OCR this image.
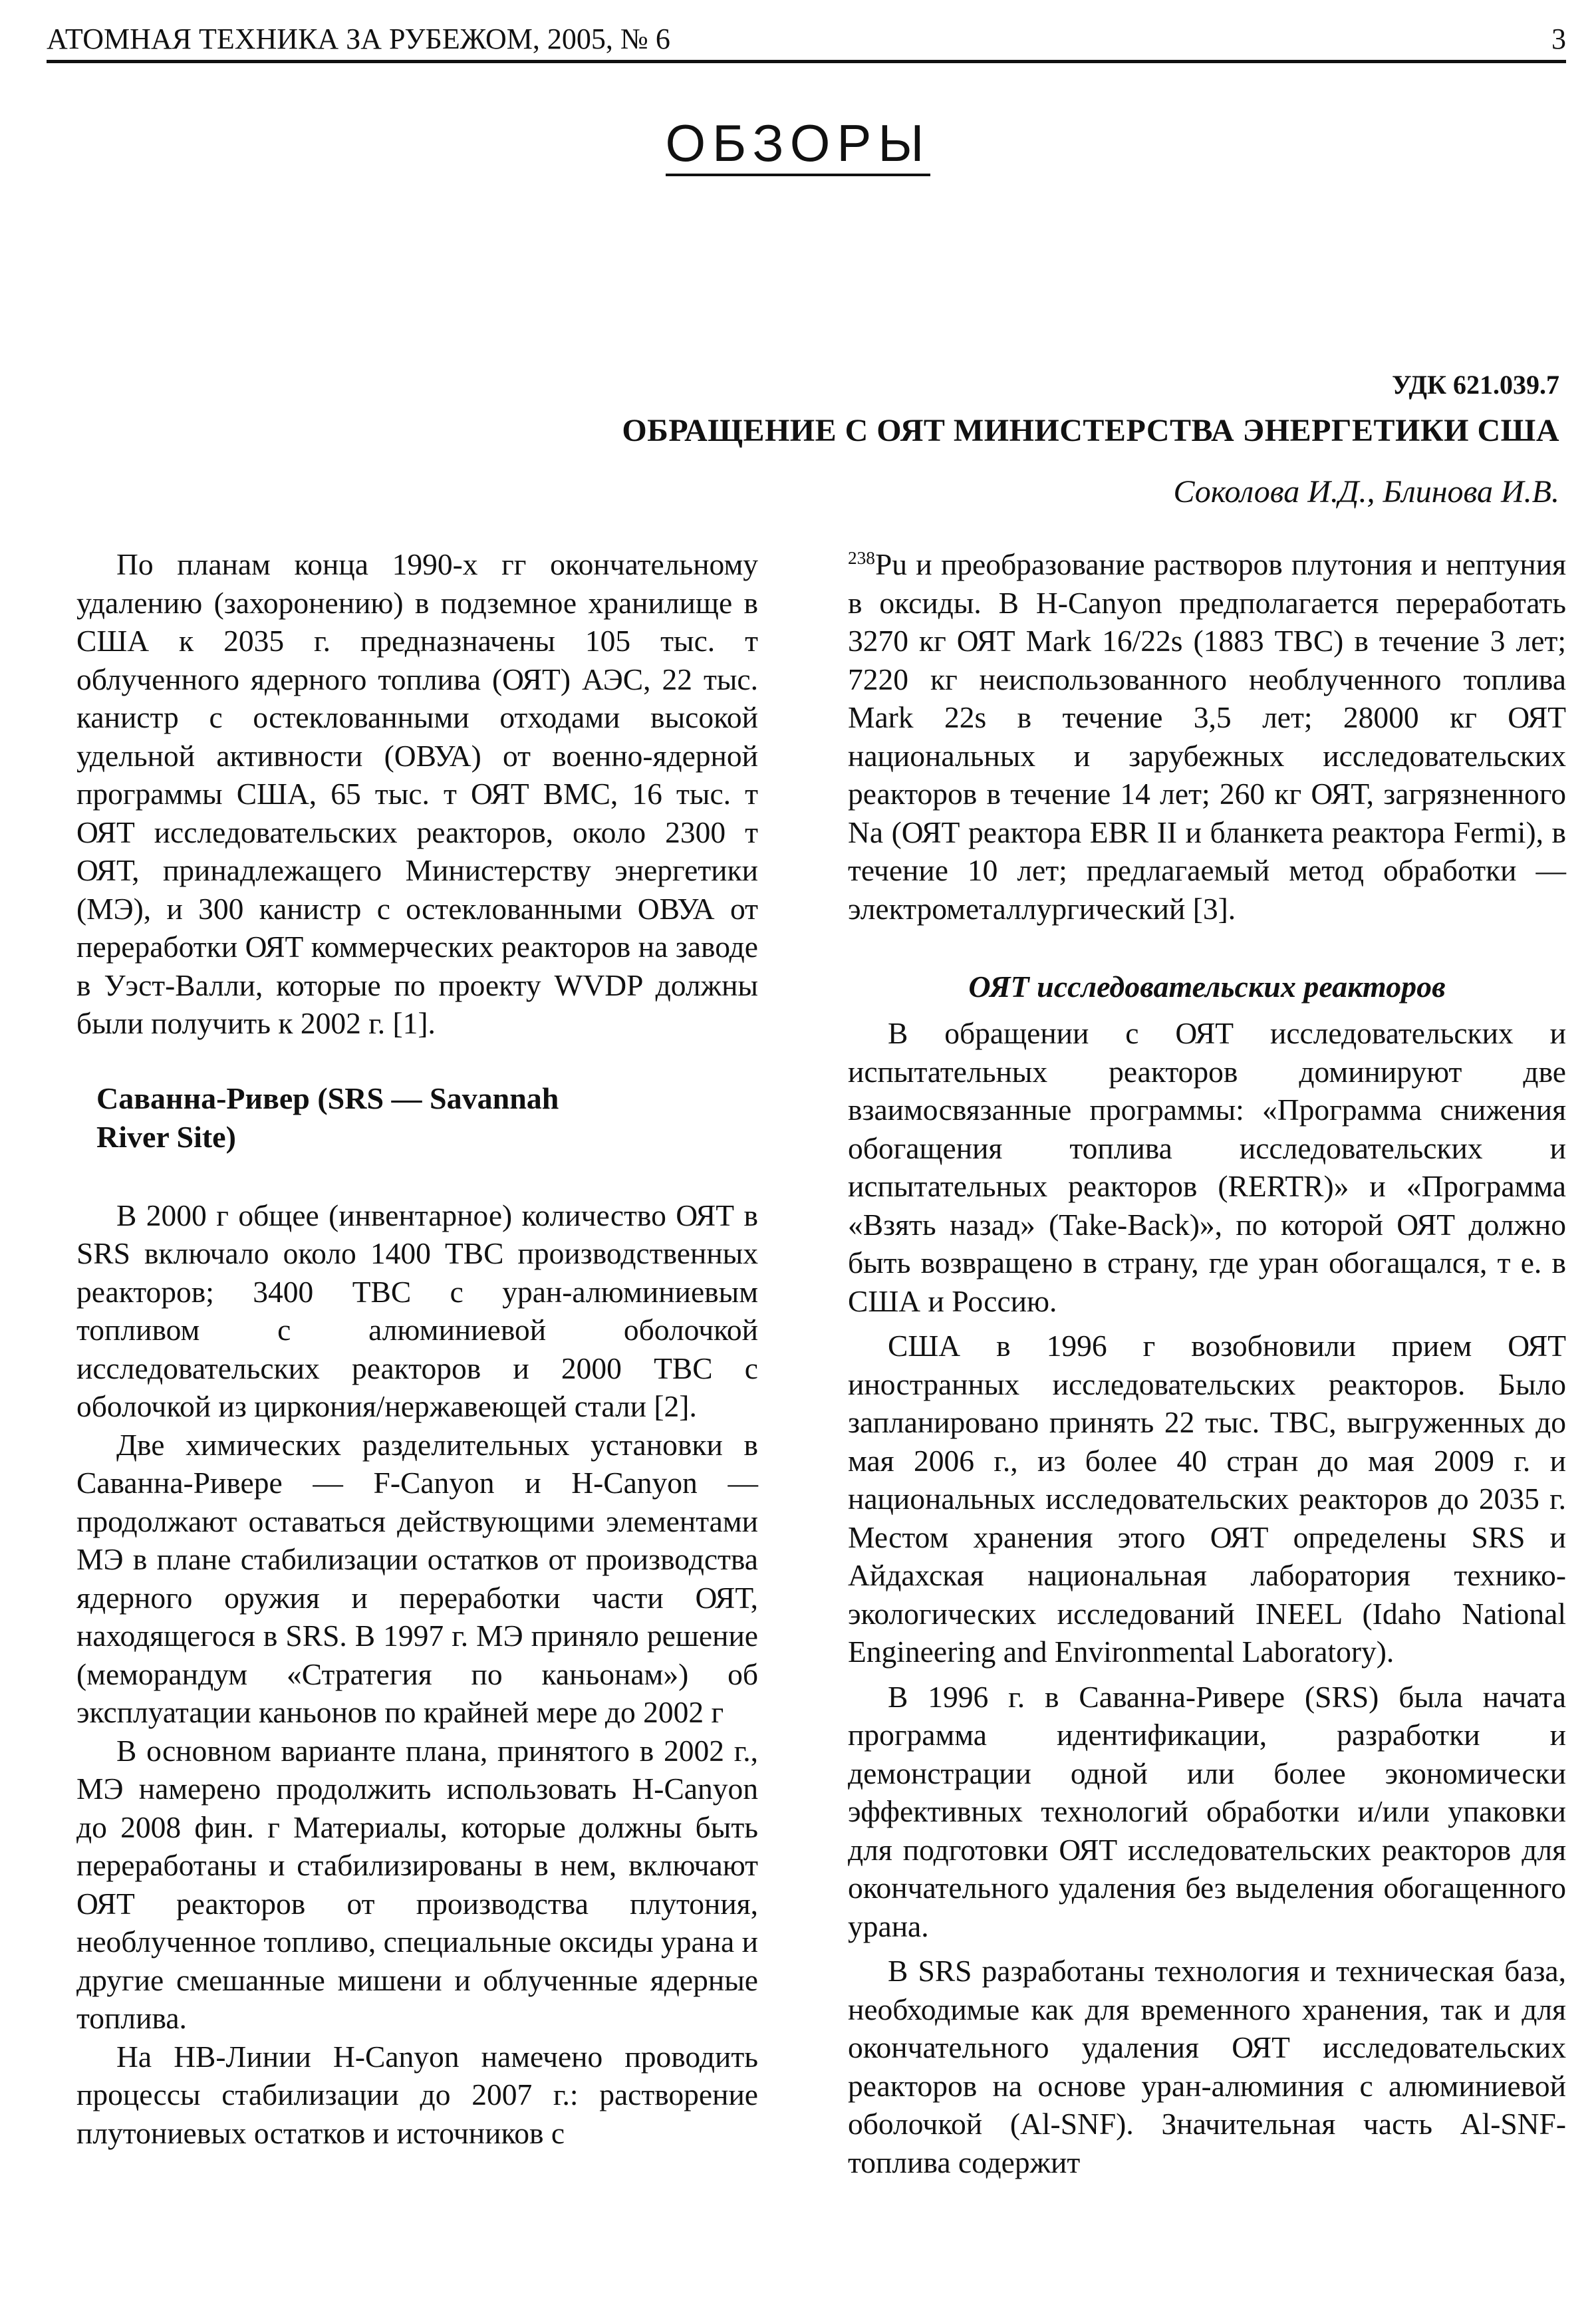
АТОМНАЯ ТЕХНИКА ЗА РУБЕЖОМ, 2005, № 6	3
ОБЗОРЫ
УДК 621.039.7
ОБРАЩЕНИЕ С ОЯТ МИНИСТЕРСТВА ЭНЕРГЕТИКИ США
Соколова И.Д., Блинова И.В.

По планам конца 1990-х гг окончательному удалению (захоронению) в подземное хранилище в США к 2035 г. предназначены 105 тыс. т облученного ядерного топлива (ОЯТ) АЭС, 22 тыс. канистр с остеклованными отходами высокой удельной активности (ОВУА) от военно-ядерной программы США, 65 тыс. т ОЯТ ВМС, 16 тыс. т ОЯТ исследовательских реакторов, около 2300 т ОЯТ, принадлежащего Министерству энергетики (МЭ), и 300 канистр с остеклованными ОВУА от переработки ОЯТ коммерческих реакторов на заводе в Уэст-Валли, которые по проекту WVDP должны были получить к 2002 г. [1].

Саванна-Ривер (SRS — Savannah River Site)

В 2000 г общее (инвентарное) количество ОЯТ в SRS включало около 1400 ТВС производственных реакторов; 3400 ТВС с уран-алюминиевым топливом с алюминиевой оболочкой исследовательских реакторов и 2000 ТВС с оболочкой из циркония/нержавеющей стали [2].

Две химических разделительных установки в Саванна-Ривере — F-Canyon и H-Canyon — продолжают оставаться действующими элементами МЭ в плане стабилизации остатков от производства ядерного оружия и переработки части ОЯТ, находящегося в SRS. В 1997 г. МЭ приняло решение (меморандум «Стратегия по каньонам») об эксплуатации каньонов по крайней мере до 2002 г

В основном варианте плана, принятого в 2002 г., МЭ намерено продолжить использовать H-Canyon до 2008 фин. г Материалы, которые должны быть переработаны и стабилизированы в нем, включают ОЯТ реакторов от производства плутония, необлученное топливо, специальные оксиды урана и другие смешанные мишени и облученные ядерные топлива.

На HB-Линии H-Canyon намечено проводить процессы стабилизации до 2007 г.: растворение плутониевых остатков и источников с

$^{238}$Pu и преобразование растворов плутония и нептуния в оксиды. В H-Canyon предполагается переработать 3270 кг ОЯТ Mark 16/22s (1883 ТВС) в течение 3 лет; 7220 кг неиспользованного необлученного топлива Mark 22s в течение 3,5 лет; 28000 кг ОЯТ национальных и зарубежных исследовательских реакторов в течение 14 лет; 260 кг ОЯТ, загрязненного Na (ОЯТ реактора EBR II и бланкета реактора Fermi), в течение 10 лет; предлагаемый метод обработки — электрометаллургический [3].

ОЯТ исследовательских реакторов

В обращении с ОЯТ исследовательских и испытательных реакторов доминируют две взаимосвязанные программы: «Программа снижения обогащения топлива исследовательских и испытательных реакторов (RERTR)» и «Программа «Взять назад» (Take-Back)», по которой ОЯТ должно быть возвращено в страну, где уран обогащался, т е. в США и Россию.

США в 1996 г возобновили прием ОЯТ иностранных исследовательских реакторов. Было запланировано принять 22 тыс. ТВС, выгруженных до мая 2006 г., из более 40 стран до мая 2009 г. и национальных исследовательских реакторов до 2035 г. Местом хранения этого ОЯТ определены SRS и Айдахская национальная лаборатория технико-экологических исследований INEEL (Idaho National Engineering and Environmental Laboratory).

В 1996 г. в Саванна-Ривере (SRS) была начата программа идентификации, разработки и демонстрации одной или более экономически эффективных технологий обработки и/или упаковки для подготовки ОЯТ исследовательских реакторов для окончательного удаления без выделения обогащенного урана.

В SRS разработаны технология и техническая база, необходимые как для временного хранения, так и для окончательного удаления ОЯТ исследовательских реакторов на основе уран-алюминия с алюминиевой оболочкой (Al-SNF). Значительная часть Al-SNF-топлива содержит
